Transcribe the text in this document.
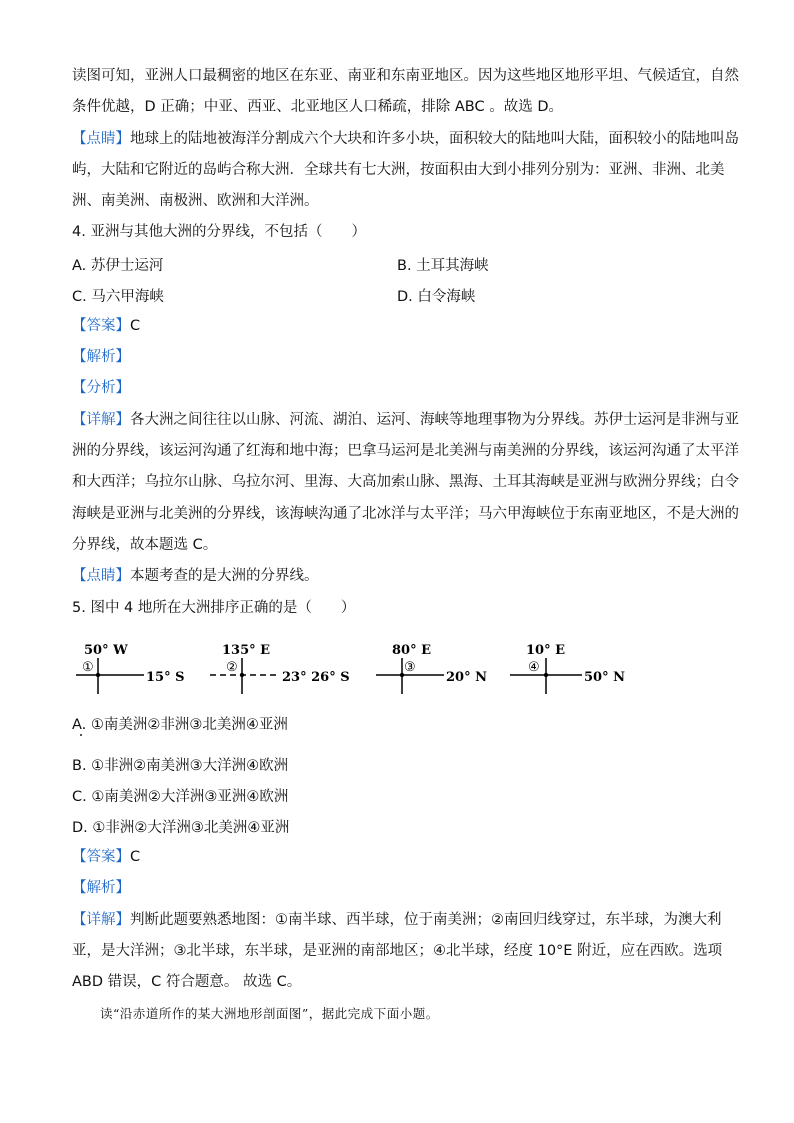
读图可知，亚洲人口最稠密的地区在东亚、南亚和东南亚地区。因为这些地区地形平坦、气候适宜，自然
条件优越，D 正确；中亚、西亚、北亚地区人口稀疏，排除 ABC 。故选 D。
【点睛】地球上的陆地被海洋分割成六个大块和许多小块，面积较大的陆地叫大陆，面积较小的陆地叫岛
屿，大陆和它附近的岛屿合称大洲．全球共有七大洲，按面积由大到小排列分别为：亚洲、非洲、北美
洲、南美洲、南极洲、欧洲和大洋洲。
4. 亚洲与其他大洲的分界线，不包括（　　）
A. 苏伊士运河	B. 土耳其海峡
C. 马六甲海峡	D. 白令海峡
【答案】C
【解析】
【分析】
【详解】各大洲之间往往以山脉、河流、湖泊、运河、海峡等地理事物为分界线。苏伊士运河是非洲与亚
洲的分界线，该运河沟通了红海和地中海；巴拿马运河是北美洲与南美洲的分界线，该运河沟通了太平洋
和大西洋；乌拉尔山脉、乌拉尔河、里海、大高加索山脉、黑海、土耳其海峡是亚洲与欧洲分界线；白令
海峡是亚洲与北美洲的分界线，该海峡沟通了北冰洋与太平洋；马六甲海峡位于东南亚地区，不是大洲的
分界线，故本题选 C。
【点睛】本题考查的是大洲的分界线。
5. 图中 4 地所在大洲排序正确的是（　　）
50° W
①
15° S
135° E
②
23° 26° S
80° E
③
20° N
10° E
④
50° N
A. ①南美洲②非洲③北美洲④亚洲
B. ①非洲②南美洲③大洋洲④欧洲
C. ①南美洲②大洋洲③亚洲④欧洲
D. ①非洲②大洋洲③北美洲④亚洲
【答案】C
【解析】
【详解】判断此题要熟悉地图：①南半球、西半球，位于南美洲；②南回归线穿过，东半球，为澳大利
亚，是大洋洲；③北半球，东半球，是亚洲的南部地区；④北半球，经度 10°E 附近，应在西欧。选项
ABD 错误，C 符合题意。 故选 C。
读“沿赤道所作的某大洲地形剖面图”，据此完成下面小题。
